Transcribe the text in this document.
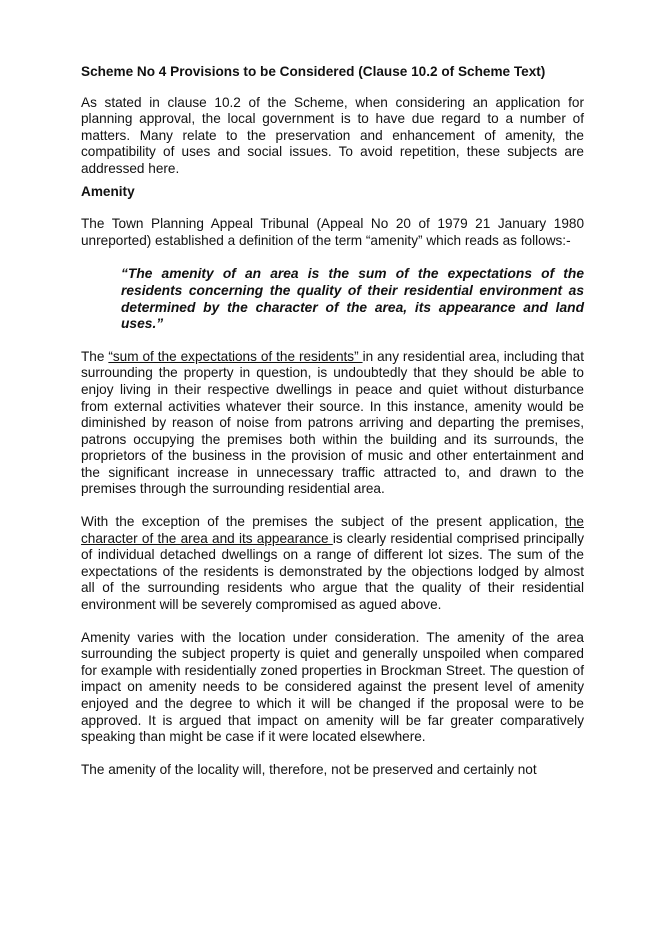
Scheme No 4 Provisions to be Considered (Clause 10.2 of Scheme Text)

As stated in clause 10.2 of the Scheme, when considering an application for planning approval, the local government is to have due regard to a number of matters. Many relate to the preservation and enhancement of amenity, the compatibility of uses and social issues. To avoid repetition, these subjects are addressed here.

Amenity

The Town Planning Appeal Tribunal (Appeal No 20 of 1979 21 January 1980 unreported) established a definition of the term “amenity” which reads as follows:-

“The amenity of an area is the sum of the expectations of the residents concerning the quality of their residential environment as determined by the character of the area, its appearance and land uses.”

The “sum of the expectations of the residents” in any residential area, including that surrounding the property in question, is undoubtedly that they should be able to enjoy living in their respective dwellings in peace and quiet without disturbance from external activities whatever their source. In this instance, amenity would be diminished by reason of noise from patrons arriving and departing the premises, patrons occupying the premises both within the building and its surrounds, the proprietors of the business in the provision of music and other entertainment and the significant increase in unnecessary traffic attracted to, and drawn to the premises through the surrounding residential area.

With the exception of the premises the subject of the present application, the character of the area and its appearance is clearly residential comprised principally of individual detached dwellings on a range of different lot sizes. The sum of the expectations of the residents is demonstrated by the objections lodged by almost all of the surrounding residents who argue that the quality of their residential environment will be severely compromised as agued above.

Amenity varies with the location under consideration. The amenity of the area surrounding the subject property is quiet and generally unspoiled when compared for example with residentially zoned properties in Brockman Street. The question of impact on amenity needs to be considered against the present level of amenity enjoyed and the degree to which it will be changed if the proposal were to be approved. It is argued that impact on amenity will be far greater comparatively speaking than might be case if it were located elsewhere.

The amenity of the locality will, therefore, not be preserved and certainly not
